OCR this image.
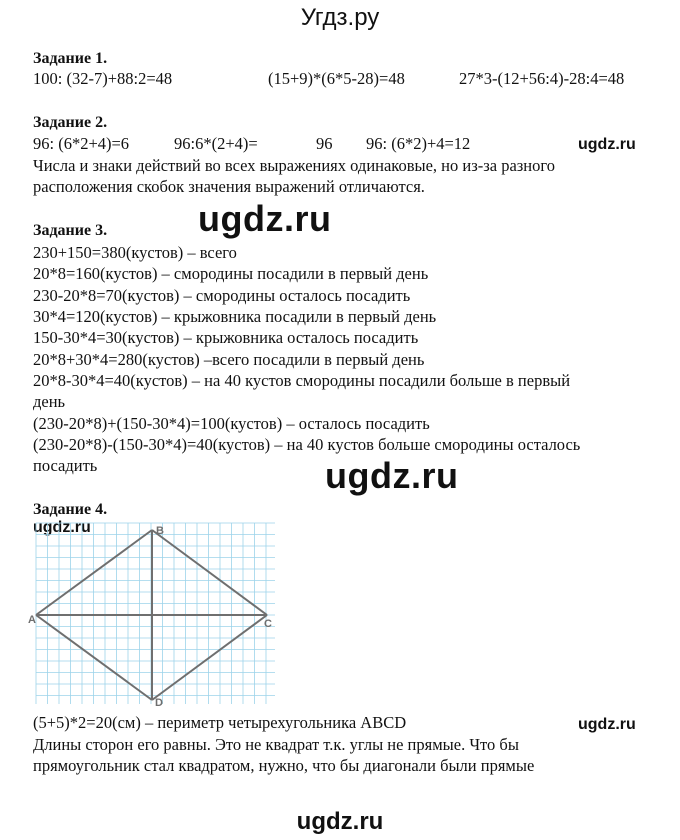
Угдз.ру
Задание 1.
100: (32-7)+88:2=48	(15+9)*(6*5-28)=48	27*3-(12+56:4)-28:4=48
Задание 2.
96: (6*2+4)=6	96:6*(2+4)=	96 96: (6*2)+4=12	ugdz.ru
Числа и знаки действий во всех выражениях одинаковые, но из-за разного
расположения скобок значения выражений отличаются.
Задание 3.	ugdz.ru
230+150=380(кустов) – всего
20*8=160(кустов) – смородины посадили в первый день
230-20*8=70(кустов) – смородины осталось посадить
30*4=120(кустов) – крыжовника посадили в первый день
150-30*4=30(кустов) – крыжовника осталось посадить
20*8+30*4=280(кустов) –всего посадили в первый день
20*8-30*4=40(кустов) – на 40 кустов смородины посадили больше в первый
день
(230-20*8)+(150-30*4)=100(кустов) – осталось посадить
(230-20*8)-(150-30*4)=40(кустов) – на 40 кустов больше смородины осталось
посадить	ugdz.ru
Задание 4.
ugdz.ru
A
B
C
D
(5+5)*2=20(см) – периметр четырехугольника ABCD	ugdz.ru
Длины сторон его равны. Это не квадрат т.к. углы не прямые. Что бы
прямоугольник стал квадратом, нужно, что бы диагонали были прямые
ugdz.ru
